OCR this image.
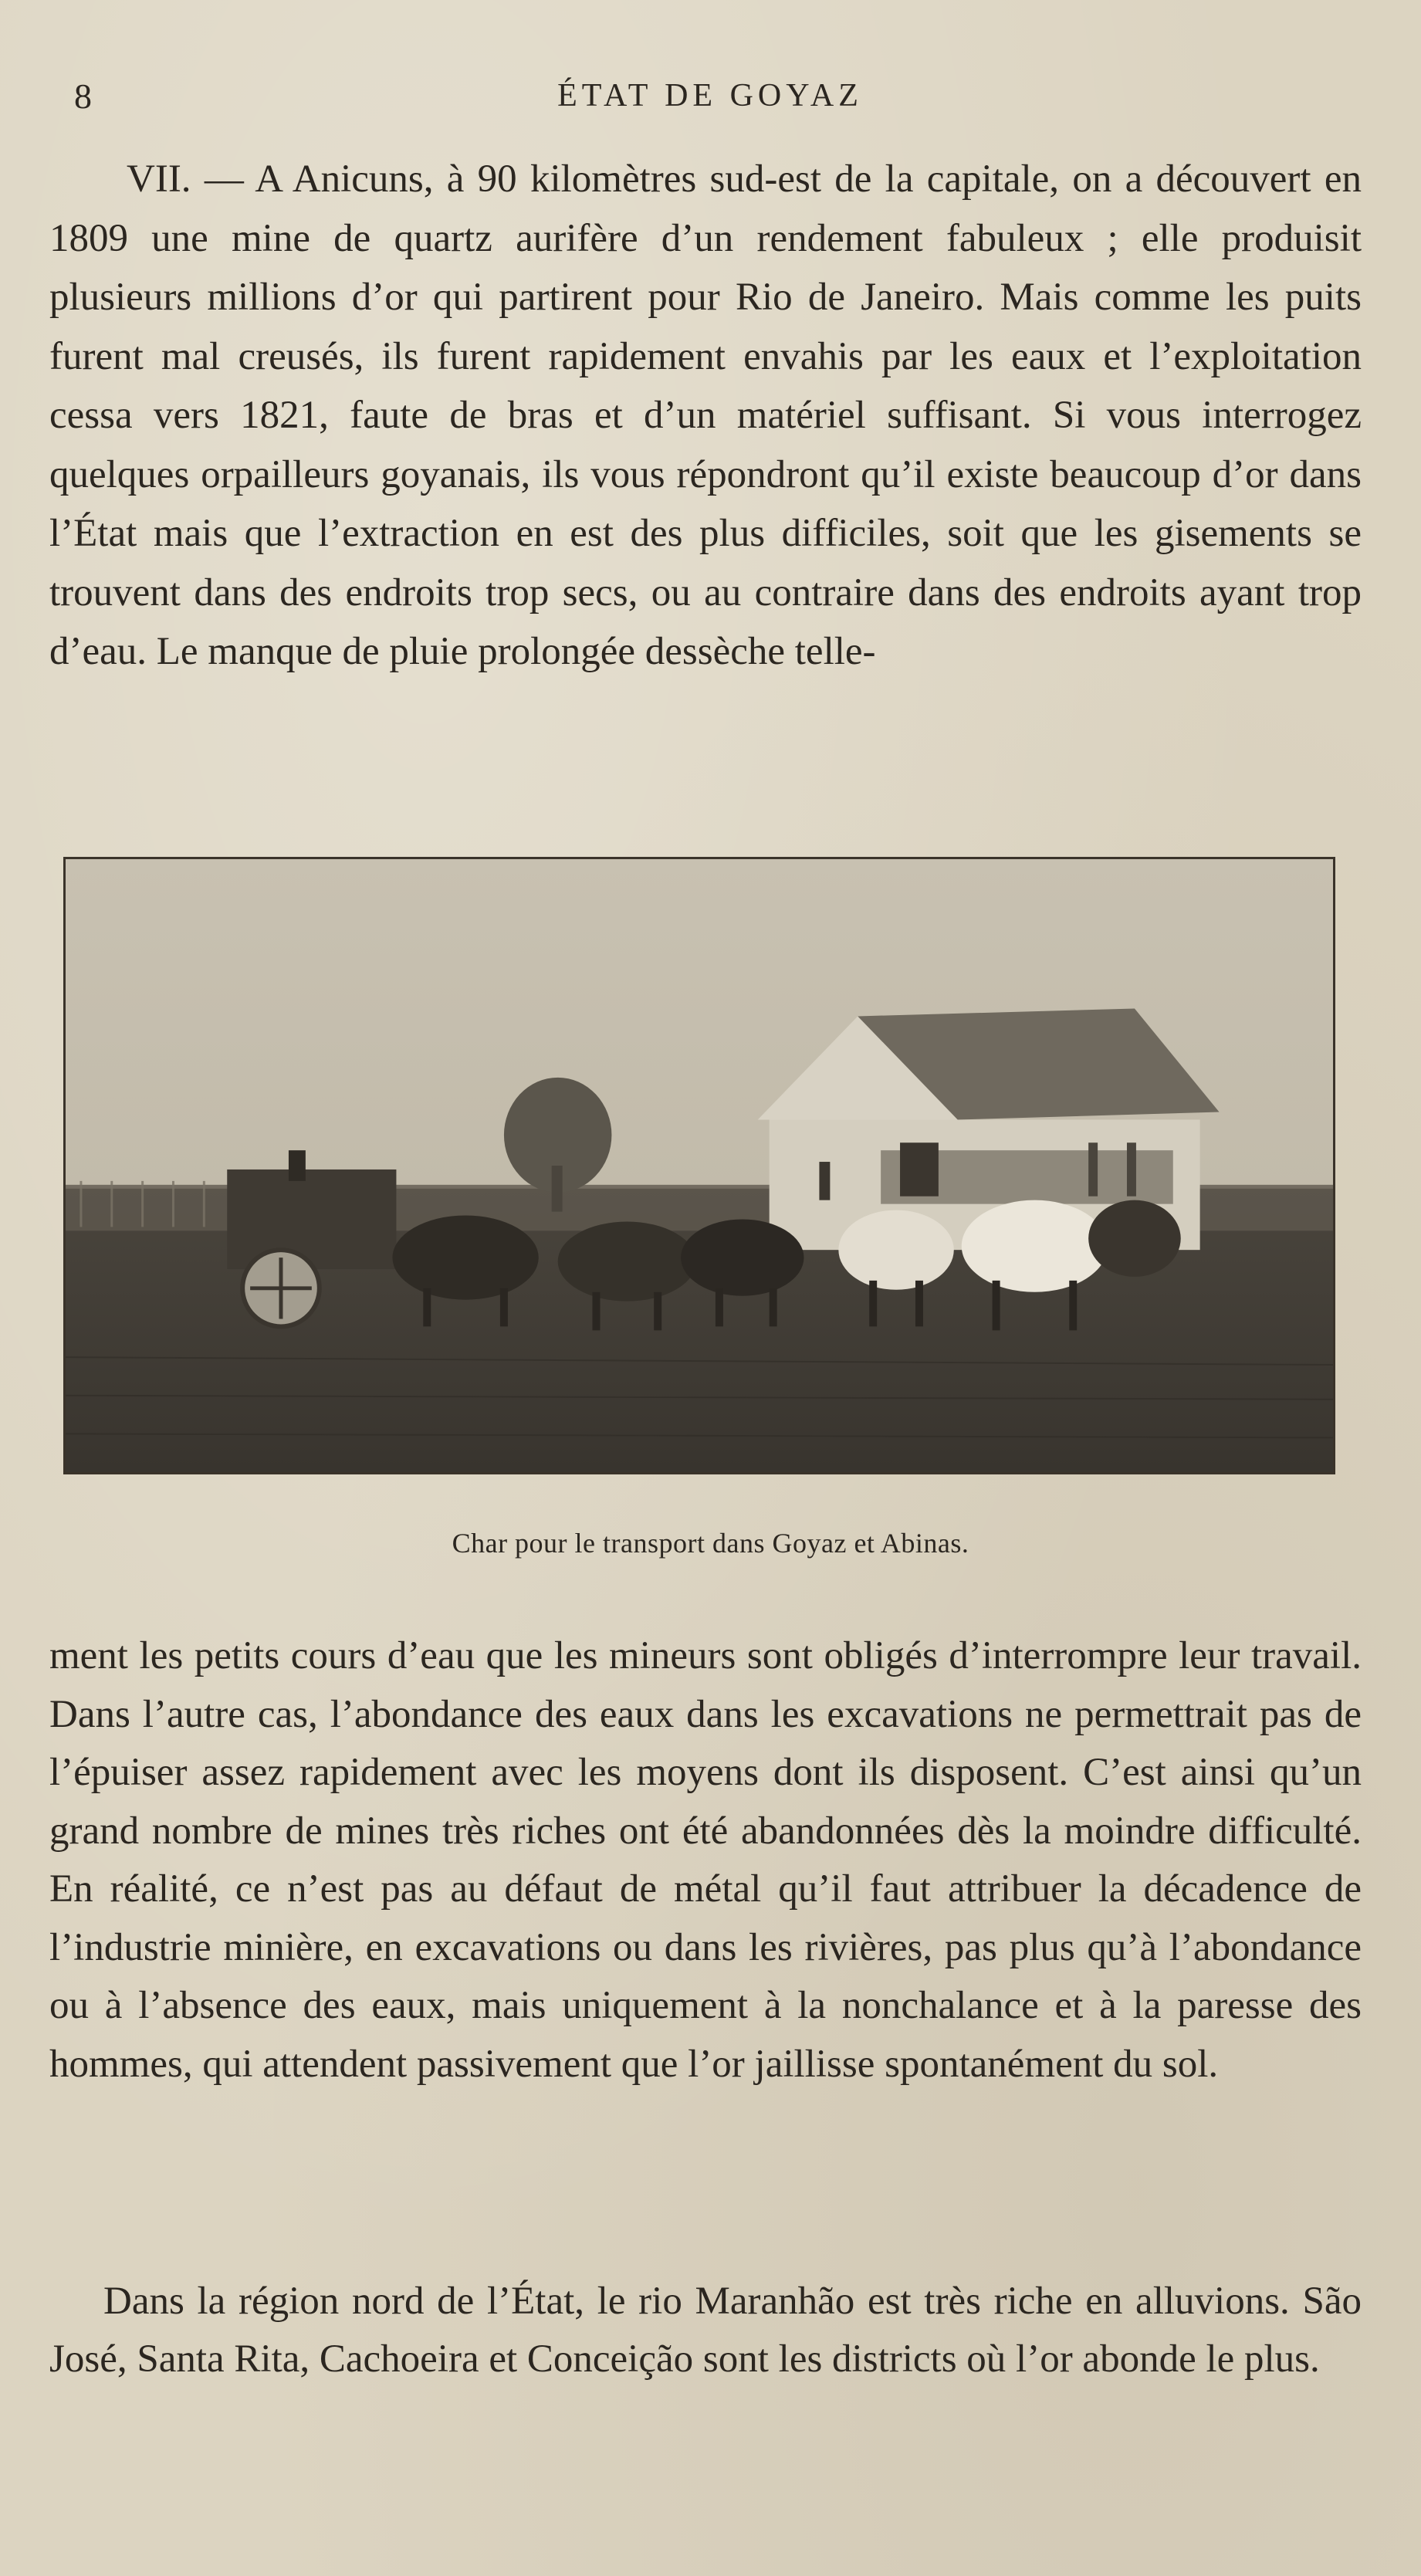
8	ÉTAT DE GOYAZ

VII. — A Anicuns, à 90 kilomètres sud-est de la capitale, on a découvert en 1809 une mine de quartz aurifère d’un rendement fabuleux ; elle produisit plusieurs millions d’or qui partirent pour Rio de Janeiro. Mais comme les puits furent mal creusés, ils furent rapidement envahis par les eaux et l’exploitation cessa vers 1821, faute de bras et d’un matériel suffisant. Si vous interrogez quelques orpailleurs goyanais, ils vous répondront qu’il existe beaucoup d’or dans l’État mais que l’extraction en est des plus difficiles, soit que les gisements se trouvent dans des endroits trop secs, ou au contraire dans des endroits ayant trop d’eau. Le manque de pluie prolongée dessèche telle-

Char pour le transport dans Goyaz et Abinas.

ment les petits cours d’eau que les mineurs sont obligés d’interrompre leur travail. Dans l’autre cas, l’abondance des eaux dans les excavations ne permettrait pas de l’épuiser assez rapidement avec les moyens dont ils disposent. C’est ainsi qu’un grand nombre de mines très riches ont été abandonnées dès la moindre difficulté. En réalité, ce n’est pas au défaut de métal qu’il faut attribuer la décadence de l’industrie minière, en excavations ou dans les rivières, pas plus qu’à l’abondance ou à l’absence des eaux, mais uniquement à la nonchalance et à la paresse des hommes, qui attendent passivement que l’or jaillisse spontanément du sol.

Dans la région nord de l’État, le rio Maranhão est très riche en alluvions. São José, Santa Rita, Cachoeira et Conceição sont les districts où l’or abonde le plus.
